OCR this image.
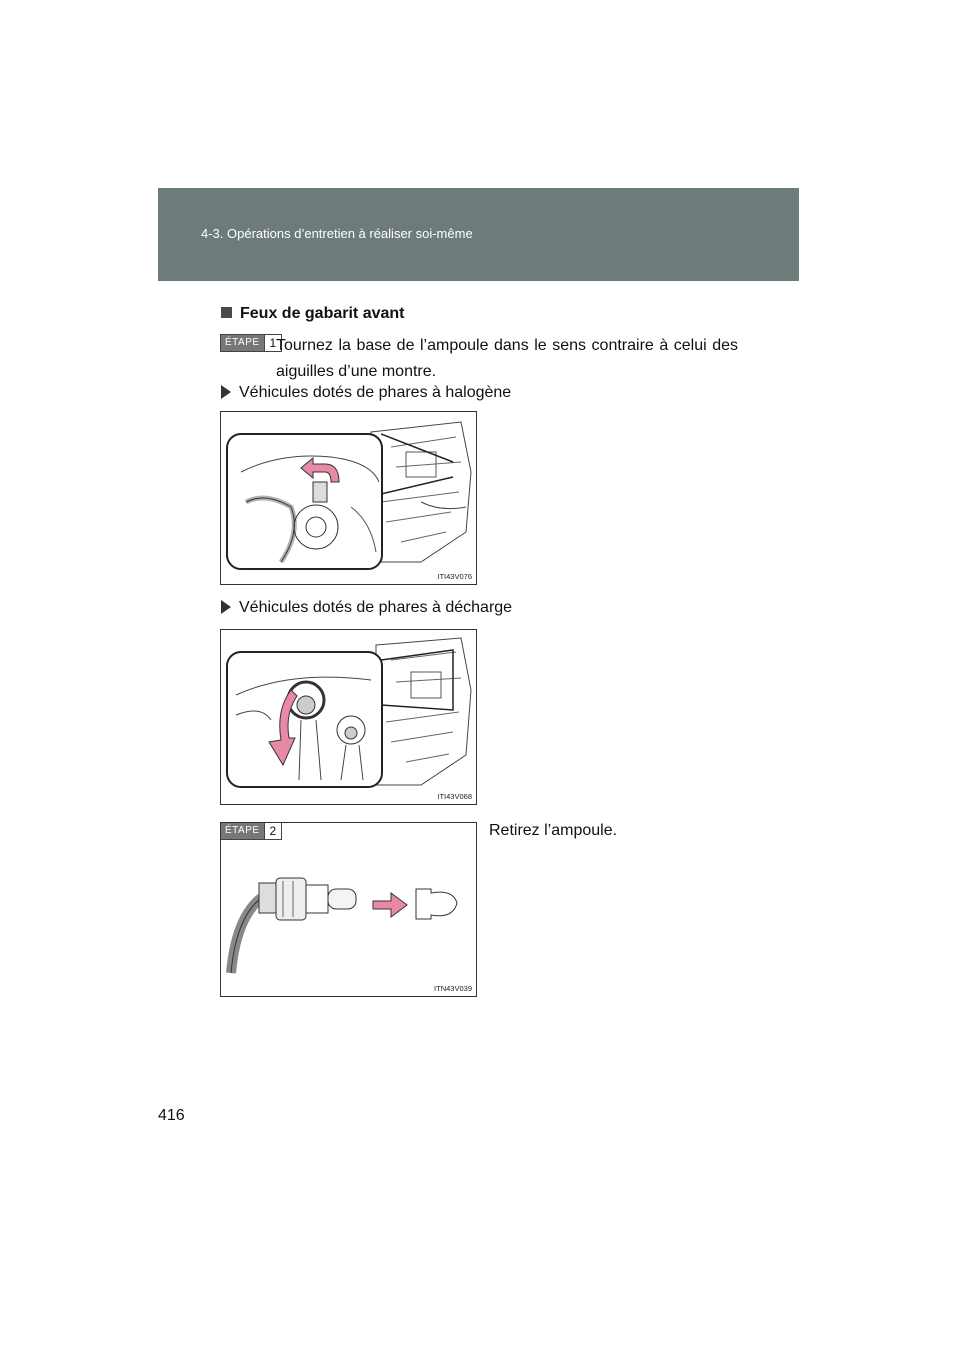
4-3. Opérations d’entretien à réaliser soi-même
Feux de gabarit avant
ÉTAPE 1 Tournez la base de l’ampoule dans le sens contraire à celui des aiguilles d’une montre.
Véhicules dotés de phares à halogène
ITI43V076
Véhicules dotés de phares à décharge
ITI43V068
ÉTAPE 2
ITN43V039
Retirez l’ampoule.
416
